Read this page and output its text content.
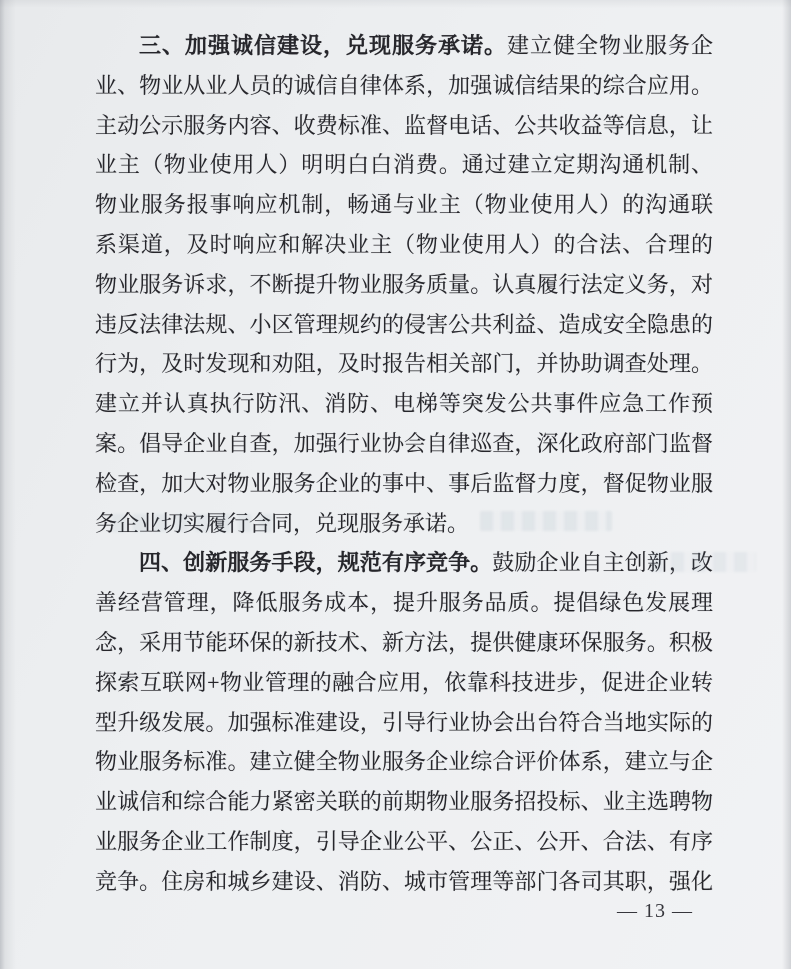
三、加强诚信建设，兑现服务承诺。建立健全物业服务企
业、物业从业人员的诚信自律体系，加强诚信结果的综合应用。
主动公示服务内容、收费标准、监督电话、公共收益等信息，让
业主（物业使用人）明明白白消费。通过建立定期沟通机制、
物业服务报事响应机制，畅通与业主（物业使用人）的沟通联
系渠道，及时响应和解决业主（物业使用人）的合法、合理的
物业服务诉求，不断提升物业服务质量。认真履行法定义务，对
违反法律法规、小区管理规约的侵害公共利益、造成安全隐患的
行为，及时发现和劝阻，及时报告相关部门，并协助调查处理。
建立并认真执行防汛、消防、电梯等突发公共事件应急工作预
案。倡导企业自查，加强行业协会自律巡查，深化政府部门监督
检查，加大对物业服务企业的事中、事后监督力度，督促物业服
务企业切实履行合同，兑现服务承诺。
四、创新服务手段，规范有序竞争。鼓励企业自主创新，改
善经营管理，降低服务成本，提升服务品质。提倡绿色发展理
念，采用节能环保的新技术、新方法，提供健康环保服务。积极
探索互联网+物业管理的融合应用，依靠科技进步，促进企业转
型升级发展。加强标准建设，引导行业协会出台符合当地实际的
物业服务标准。建立健全物业服务企业综合评价体系，建立与企
业诚信和综合能力紧密关联的前期物业服务招投标、业主选聘物
业服务企业工作制度，引导企业公平、公正、公开、合法、有序
竞争。住房和城乡建设、消防、城市管理等部门各司其职，强化
— 13 —
